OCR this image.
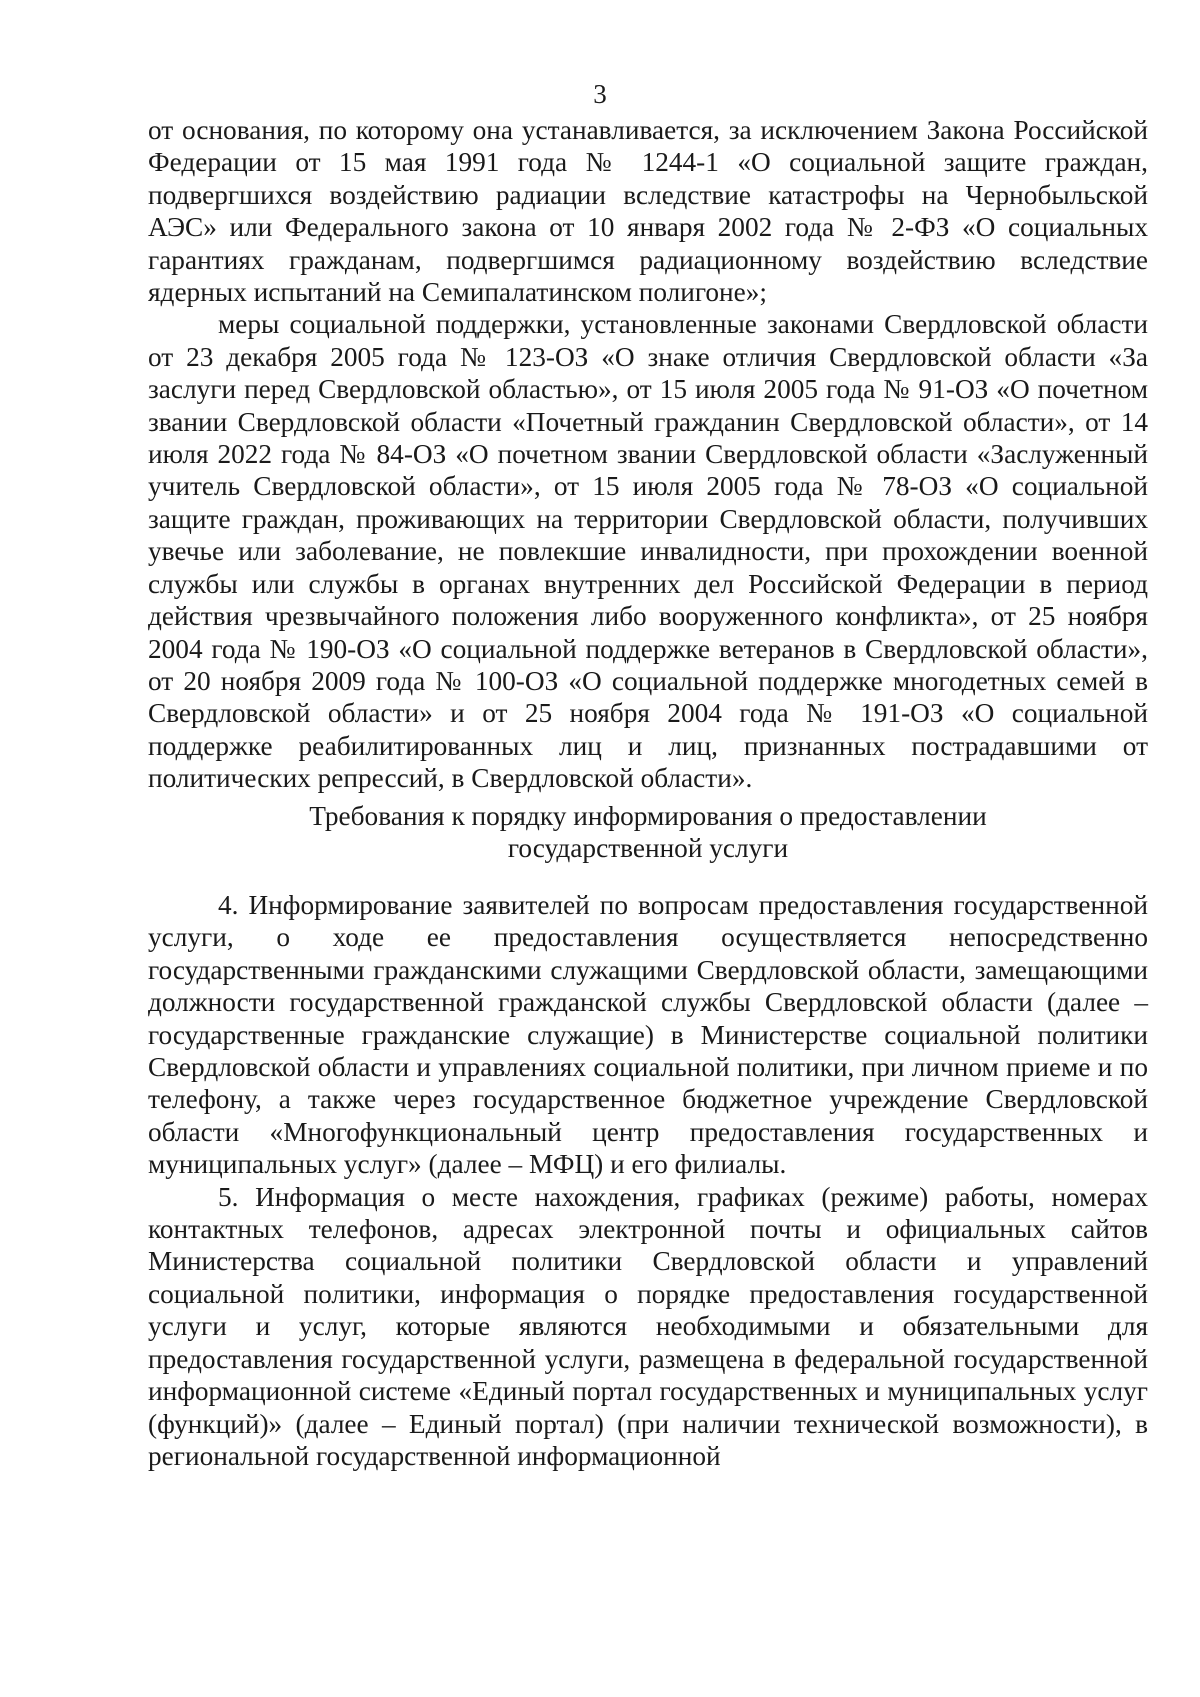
3

от основания, по которому она устанавливается, за исключением Закона Российской Федерации от 15 мая 1991 года № 1244-1 «О социальной защите граждан, подвергшихся воздействию радиации вследствие катастрофы на Чернобыльской АЭС» или Федерального закона от 10 января 2002 года № 2-ФЗ «О социальных гарантиях гражданам, подвергшимся радиационному воздействию вследствие ядерных испытаний на Семипалатинском полигоне»;

меры социальной поддержки, установленные законами Свердловской области от 23 декабря 2005 года № 123-ОЗ «О знаке отличия Свердловской области «За заслуги перед Свердловской областью», от 15 июля 2005 года № 91-ОЗ «О почетном звании Свердловской области «Почетный гражданин Свердловской области», от 14 июля 2022 года № 84-ОЗ «О почетном звании Свердловской области «Заслуженный учитель Свердловской области», от 15 июля 2005 года № 78-ОЗ «О социальной защите граждан, проживающих на территории Свердловской области, получивших увечье или заболевание, не повлекшие инвалидности, при прохождении военной службы или службы в органах внутренних дел Российской Федерации в период действия чрезвычайного положения либо вооруженного конфликта», от 25 ноября 2004 года № 190-ОЗ «О социальной поддержке ветеранов в Свердловской области», от 20 ноября 2009 года № 100-ОЗ «О социальной поддержке многодетных семей в Свердловской области» и от 25 ноября 2004 года № 191-ОЗ «О социальной поддержке реабилитированных лиц и лиц, признанных пострадавшими от политических репрессий, в Свердловской области».

Требования к порядку информирования о предоставлении
государственной услуги

4. Информирование заявителей по вопросам предоставления государственной услуги, о ходе ее предоставления осуществляется непосредственно государственными гражданскими служащими Свердловской области, замещающими должности государственной гражданской службы Свердловской области (далее – государственные гражданские служащие) в Министерстве социальной политики Свердловской области и управлениях социальной политики, при личном приеме и по телефону, а также через государственное бюджетное учреждение Свердловской области «Многофункциональный центр предоставления государственных и муниципальных услуг» (далее – МФЦ) и его филиалы.

5. Информация о месте нахождения, графиках (режиме) работы, номерах контактных телефонов, адресах электронной почты и официальных сайтов Министерства социальной политики Свердловской области и управлений социальной политики, информация о порядке предоставления государственной услуги и услуг, которые являются необходимыми и обязательными для предоставления государственной услуги, размещена в федеральной государственной информационной системе «Единый портал государственных и муниципальных услуг (функций)» (далее – Единый портал) (при наличии технической возможности), в региональной государственной информационной
